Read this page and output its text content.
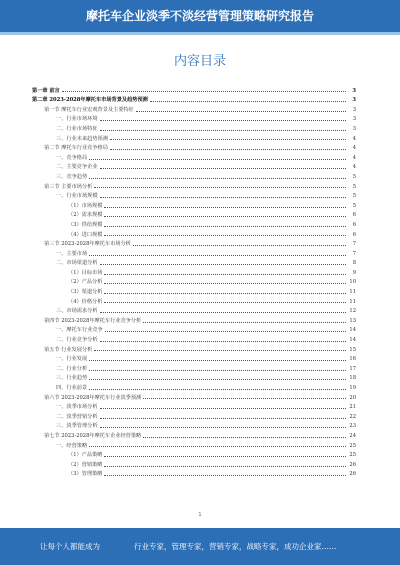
摩托车企业淡季不淡经营管理策略研究报告
内容目录
第一章 前言	3
第二章 2023-2028年摩托车市场背景及趋势预测	3
第一节 摩托车行业宏观背景及主要特征	3
一、行业市场环境	3
二、行业市场特征	3
三、行业未来趋势预测	4
第二节 摩托车行业竞争格局	4
一、竞争格局	4
二、主要竞争企业	4
三、竞争趋势	5
第三节 主要市场分析	5
一、行业市场规模	5
（1）市场规模	5
（2）需求规模	6
（3）供给规模	6
（4）进口规模	6
第三节 2023-2028年摩托车市场分析	7
一、主要市场	7
二、市场渠道分析	8
（1）目标市场	9
（2）产品分析	10
（3）渠道分析	11
（4）价格分析	11
三、市场需求分析	12
第四节 2023-2028年摩托车行业竞争分析	13
一、摩托车行业竞争	14
二、行业竞争分析	14
第五节 行业发展分析	15
一、行业发展	16
二、行业分析	17
三、行业趋势	18
四、行业前景	19
第六节 2023-2028年摩托车行业淡季预测	20
一、淡季市场分析	21
二、淡季营销分析	22
三、淡季管理分析	23
第七节 2023-2028年摩托车企业经营策略	24
一、经营策略	25
（1）产品策略	25
（2）营销策略	26
（3）管理策略	26
1
让每个人都能成为	行业专家，管理专家，营销专家，战略专家，成功企业家……
